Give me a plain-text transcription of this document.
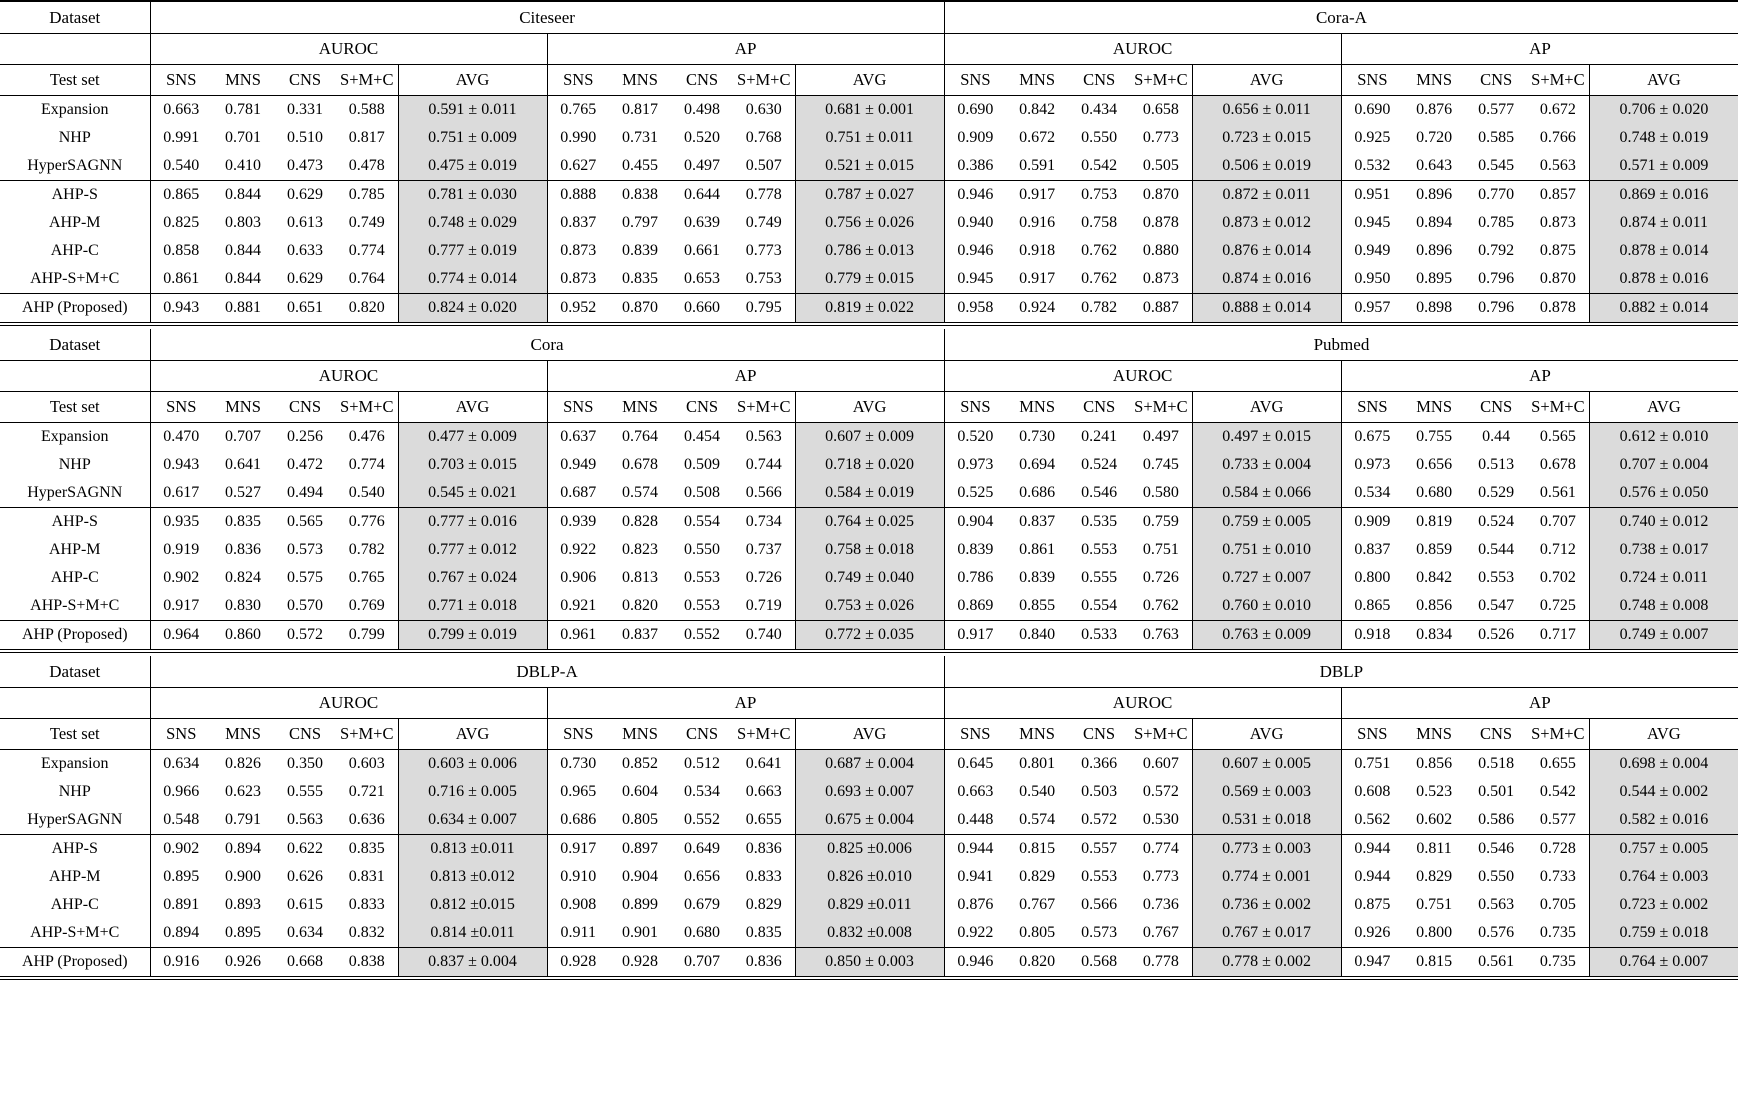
Dataset	Citeseer										Cora-A									
	AUROC					AP					AUROC					AP				
Test set	SNS	MNS	CNS	S+M+C	AVG	SNS	MNS	CNS	S+M+C	AVG	SNS	MNS	CNS	S+M+C	AVG	SNS	MNS	CNS	S+M+C	AVG
Expansion	0.663	0.781	0.331	0.588	0.591 ± 0.011	0.765	0.817	0.498	0.630	0.681 ± 0.001	0.690	0.842	0.434	0.658	0.656 ± 0.011	0.690	0.876	0.577	0.672	0.706 ± 0.020
NHP	0.991	0.701	0.510	0.817	0.751 ± 0.009	0.990	0.731	0.520	0.768	0.751 ± 0.011	0.909	0.672	0.550	0.773	0.723 ± 0.015	0.925	0.720	0.585	0.766	0.748 ± 0.019
HyperSAGNN	0.540	0.410	0.473	0.478	0.475 ± 0.019	0.627	0.455	0.497	0.507	0.521 ± 0.015	0.386	0.591	0.542	0.505	0.506 ± 0.019	0.532	0.643	0.545	0.563	0.571 ± 0.009
AHP-S	0.865	0.844	0.629	0.785	0.781 ± 0.030	0.888	0.838	0.644	0.778	0.787 ± 0.027	0.946	0.917	0.753	0.870	0.872 ± 0.011	0.951	0.896	0.770	0.857	0.869 ± 0.016
AHP-M	0.825	0.803	0.613	0.749	0.748 ± 0.029	0.837	0.797	0.639	0.749	0.756 ± 0.026	0.940	0.916	0.758	0.878	0.873 ± 0.012	0.945	0.894	0.785	0.873	0.874 ± 0.011
AHP-C	0.858	0.844	0.633	0.774	0.777 ± 0.019	0.873	0.839	0.661	0.773	0.786 ± 0.013	0.946	0.918	0.762	0.880	0.876 ± 0.014	0.949	0.896	0.792	0.875	0.878 ± 0.014
AHP-S+M+C	0.861	0.844	0.629	0.764	0.774 ± 0.014	0.873	0.835	0.653	0.753	0.779 ± 0.015	0.945	0.917	0.762	0.873	0.874 ± 0.016	0.950	0.895	0.796	0.870	0.878 ± 0.016
AHP (Proposed)	0.943	0.881	0.651	0.820	0.824 ± 0.020	0.952	0.870	0.660	0.795	0.819 ± 0.022	0.958	0.924	0.782	0.887	0.888 ± 0.014	0.957	0.898	0.796	0.878	0.882 ± 0.014
Dataset	Cora										Pubmed									
	AUROC					AP					AUROC					AP				
Test set	SNS	MNS	CNS	S+M+C	AVG	SNS	MNS	CNS	S+M+C	AVG	SNS	MNS	CNS	S+M+C	AVG	SNS	MNS	CNS	S+M+C	AVG
Expansion	0.470	0.707	0.256	0.476	0.477 ± 0.009	0.637	0.764	0.454	0.563	0.607 ± 0.009	0.520	0.730	0.241	0.497	0.497 ± 0.015	0.675	0.755	0.44	0.565	0.612 ± 0.010
NHP	0.943	0.641	0.472	0.774	0.703 ± 0.015	0.949	0.678	0.509	0.744	0.718 ± 0.020	0.973	0.694	0.524	0.745	0.733 ± 0.004	0.973	0.656	0.513	0.678	0.707 ± 0.004
HyperSAGNN	0.617	0.527	0.494	0.540	0.545 ± 0.021	0.687	0.574	0.508	0.566	0.584 ± 0.019	0.525	0.686	0.546	0.580	0.584 ± 0.066	0.534	0.680	0.529	0.561	0.576 ± 0.050
AHP-S	0.935	0.835	0.565	0.776	0.777 ± 0.016	0.939	0.828	0.554	0.734	0.764 ± 0.025	0.904	0.837	0.535	0.759	0.759 ± 0.005	0.909	0.819	0.524	0.707	0.740 ± 0.012
AHP-M	0.919	0.836	0.573	0.782	0.777 ± 0.012	0.922	0.823	0.550	0.737	0.758 ± 0.018	0.839	0.861	0.553	0.751	0.751 ± 0.010	0.837	0.859	0.544	0.712	0.738 ± 0.017
AHP-C	0.902	0.824	0.575	0.765	0.767 ± 0.024	0.906	0.813	0.553	0.726	0.749 ± 0.040	0.786	0.839	0.555	0.726	0.727 ± 0.007	0.800	0.842	0.553	0.702	0.724 ± 0.011
AHP-S+M+C	0.917	0.830	0.570	0.769	0.771 ± 0.018	0.921	0.820	0.553	0.719	0.753 ± 0.026	0.869	0.855	0.554	0.762	0.760 ± 0.010	0.865	0.856	0.547	0.725	0.748 ± 0.008
AHP (Proposed)	0.964	0.860	0.572	0.799	0.799 ± 0.019	0.961	0.837	0.552	0.740	0.772 ± 0.035	0.917	0.840	0.533	0.763	0.763 ± 0.009	0.918	0.834	0.526	0.717	0.749 ± 0.007
Dataset	DBLP-A										DBLP									
	AUROC					AP					AUROC					AP				
Test set	SNS	MNS	CNS	S+M+C	AVG	SNS	MNS	CNS	S+M+C	AVG	SNS	MNS	CNS	S+M+C	AVG	SNS	MNS	CNS	S+M+C	AVG
Expansion	0.634	0.826	0.350	0.603	0.603 ± 0.006	0.730	0.852	0.512	0.641	0.687 ± 0.004	0.645	0.801	0.366	0.607	0.607 ± 0.005	0.751	0.856	0.518	0.655	0.698 ± 0.004
NHP	0.966	0.623	0.555	0.721	0.716 ± 0.005	0.965	0.604	0.534	0.663	0.693 ± 0.007	0.663	0.540	0.503	0.572	0.569 ± 0.003	0.608	0.523	0.501	0.542	0.544 ± 0.002
HyperSAGNN	0.548	0.791	0.563	0.636	0.634 ± 0.007	0.686	0.805	0.552	0.655	0.675 ± 0.004	0.448	0.574	0.572	0.530	0.531 ± 0.018	0.562	0.602	0.586	0.577	0.582 ± 0.016
AHP-S	0.902	0.894	0.622	0.835	0.813 ±0.011	0.917	0.897	0.649	0.836	0.825 ±0.006	0.944	0.815	0.557	0.774	0.773 ± 0.003	0.944	0.811	0.546	0.728	0.757 ± 0.005
AHP-M	0.895	0.900	0.626	0.831	0.813 ±0.012	0.910	0.904	0.656	0.833	0.826 ±0.010	0.941	0.829	0.553	0.773	0.774 ± 0.001	0.944	0.829	0.550	0.733	0.764 ± 0.003
AHP-C	0.891	0.893	0.615	0.833	0.812 ±0.015	0.908	0.899	0.679	0.829	0.829 ±0.011	0.876	0.767	0.566	0.736	0.736 ± 0.002	0.875	0.751	0.563	0.705	0.723 ± 0.002
AHP-S+M+C	0.894	0.895	0.634	0.832	0.814 ±0.011	0.911	0.901	0.680	0.835	0.832 ±0.008	0.922	0.805	0.573	0.767	0.767 ± 0.017	0.926	0.800	0.576	0.735	0.759 ± 0.018
AHP (Proposed)	0.916	0.926	0.668	0.838	0.837 ± 0.004	0.928	0.928	0.707	0.836	0.850 ± 0.003	0.946	0.820	0.568	0.778	0.778 ± 0.002	0.947	0.815	0.561	0.735	0.764 ± 0.007
